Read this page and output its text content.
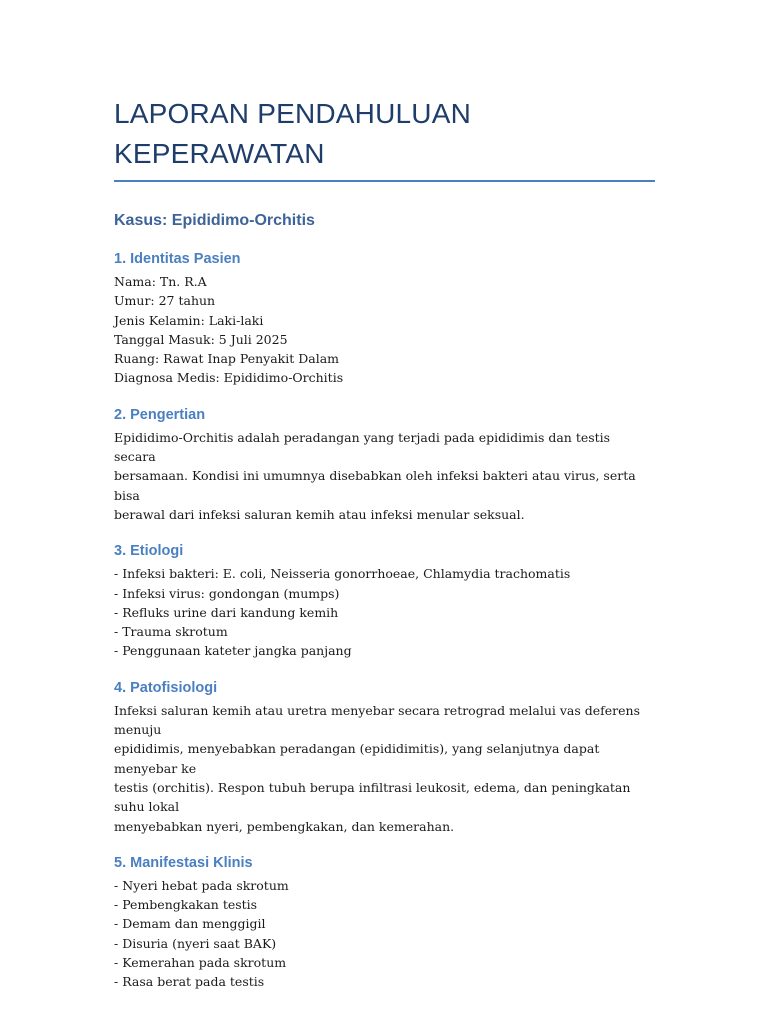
LAPORAN PENDAHULUAN
KEPERAWATAN
Kasus: Epididimo-Orchitis
1. Identitas Pasien
Nama: Tn. R.A
Umur: 27 tahun
Jenis Kelamin: Laki-laki
Tanggal Masuk: 5 Juli 2025
Ruang: Rawat Inap Penyakit Dalam
Diagnosa Medis: Epididimo-Orchitis
2. Pengertian
Epididimo-Orchitis adalah peradangan yang terjadi pada epididimis dan testis secara
bersamaan. Kondisi ini umumnya disebabkan oleh infeksi bakteri atau virus, serta bisa
berawal dari infeksi saluran kemih atau infeksi menular seksual.
3. Etiologi
- Infeksi bakteri: E. coli, Neisseria gonorrhoeae, Chlamydia trachomatis
- Infeksi virus: gondongan (mumps)
- Refluks urine dari kandung kemih
- Trauma skrotum
- Penggunaan kateter jangka panjang
4. Patofisiologi
Infeksi saluran kemih atau uretra menyebar secara retrograd melalui vas deferens menuju
epididimis, menyebabkan peradangan (epididimitis), yang selanjutnya dapat menyebar ke
testis (orchitis). Respon tubuh berupa infiltrasi leukosit, edema, dan peningkatan suhu lokal
menyebabkan nyeri, pembengkakan, dan kemerahan.
5. Manifestasi Klinis
- Nyeri hebat pada skrotum
- Pembengkakan testis
- Demam dan menggigil
- Disuria (nyeri saat BAK)
- Kemerahan pada skrotum
- Rasa berat pada testis
